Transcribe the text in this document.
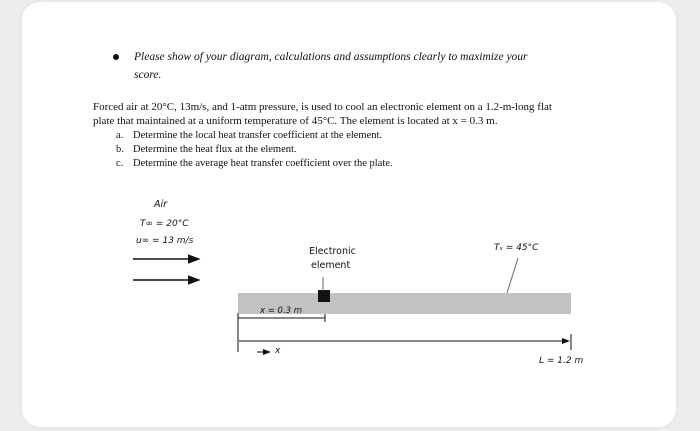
Please show of your diagram, calculations and assumptions clearly to maximize your
score.
Forced air at 20°C, 13m/s, and 1-atm pressure, is used to cool an electronic element on a 1.2-m-long flat
plate that maintained at a uniform temperature of 45°C. The element is located at x = 0.3 m.
a. Determine the local heat transfer coefficient at the element.
b. Determine the heat flux at the element.
c. Determine the average heat transfer coefficient over the plate.
Air
T∞ = 20°C
u∞ = 13 m/s
Electronic
element
Tₛ = 45°C
x = 0.3 m
x
L = 1.2 m
